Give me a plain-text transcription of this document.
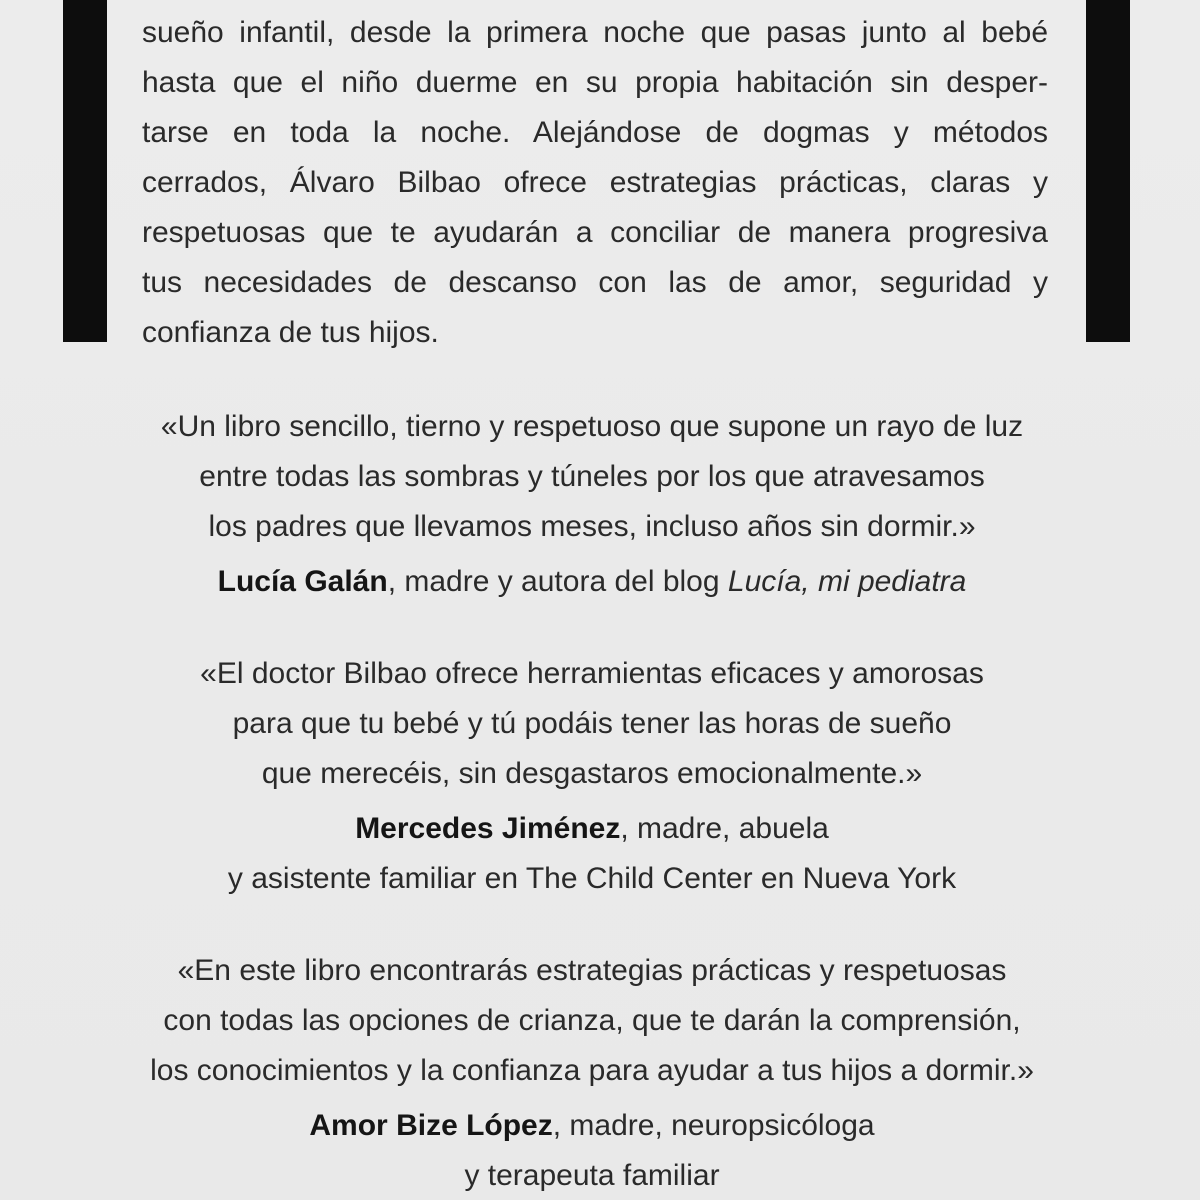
sueño infantil, desde la primera noche que pasas junto al bebé
hasta que el niño duerme en su propia habitación sin desper-
tarse en toda la noche. Alejándose de dogmas y métodos
cerrados, Álvaro Bilbao ofrece estrategias prácticas, claras y
respetuosas que te ayudarán a conciliar de manera progresiva
tus necesidades de descanso con las de amor, seguridad y
confianza de tus hijos.
«Un libro sencillo, tierno y respetuoso que supone un rayo de luz
entre todas las sombras y túneles por los que atravesamos
los padres que llevamos meses, incluso años sin dormir.»
Lucía Galán, madre y autora del blog Lucía, mi pediatra
«El doctor Bilbao ofrece herramientas eficaces y amorosas
para que tu bebé y tú podáis tener las horas de sueño
que merecéis, sin desgastaros emocionalmente.»
Mercedes Jiménez, madre, abuela
y asistente familiar en The Child Center en Nueva York
«En este libro encontrarás estrategias prácticas y respetuosas
con todas las opciones de crianza, que te darán la comprensión,
los conocimientos y la confianza para ayudar a tus hijos a dormir.»
Amor Bize López, madre, neuropsicóloga
y terapeuta familiar
